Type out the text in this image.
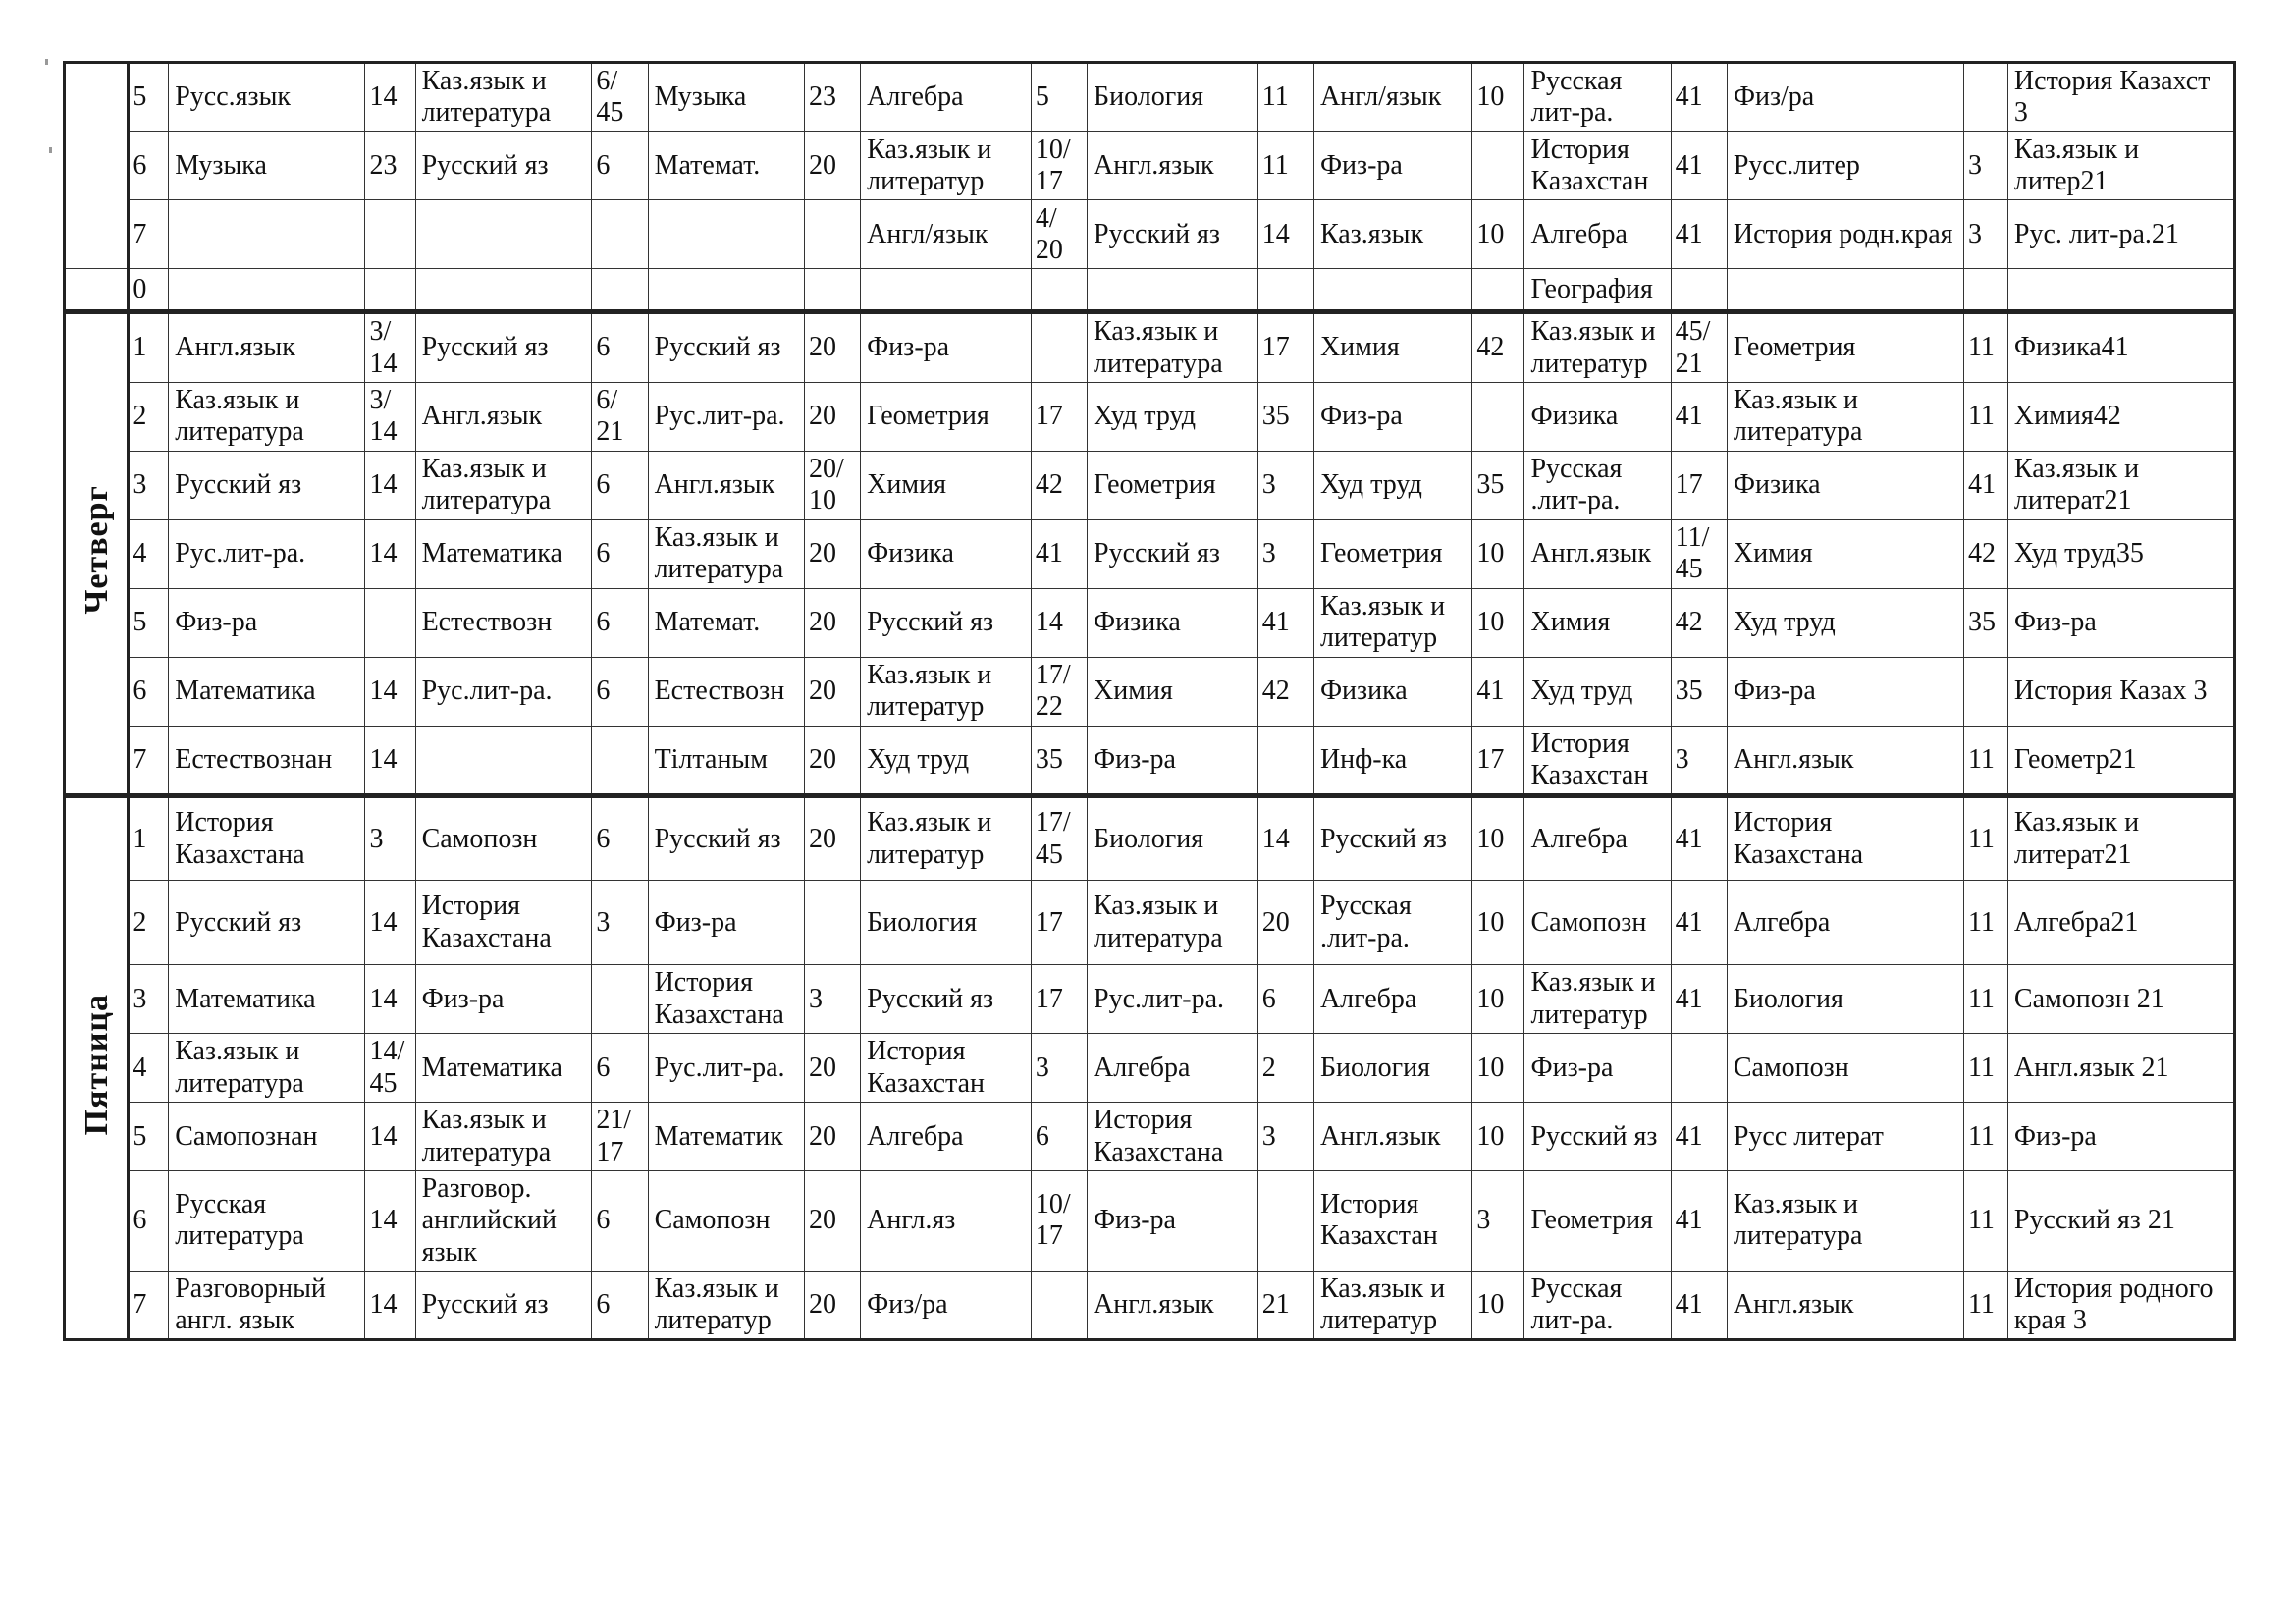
	5	Русс.язык	14	Каз.язык и литература	6/ 45	Музыка	23	Алгебра	5	Биология	11	Англ/язык	10	Русская лит-ра.	41	Физ/ра		История Казахст 3
	6	Музыка	23	Русский яз	6	Математ.	20	Каз.язык и литератур	10/ 17	Англ.язык	11	Физ-ра		История Казахстан	41	Русс.литер	3	Каз.язык и литер21
	7							Англ/язык	4/ 20	Русский яз	14	Каз.язык	10	Алгебра	41	История родн.края	3	Рус. лит-ра.21
	0													География				
Четверг	1	Англ.язык	3/ 14	Русский яз	6	Русский яз	20	Физ-ра		Каз.язык и литература	17	Химия	42	Каз.язык и литератур	45/ 21	Геометрия	11	Физика41
	2	Каз.язык и литература	3/ 14	Англ.язык	6/ 21	Рус.лит-ра.	20	Геометрия	17	Худ труд	35	Физ-ра		Физика	41	Каз.язык и литература	11	Химия42
	3	Русский яз	14	Каз.язык и литература	6	Англ.язык	20/ 10	Химия	42	Геометрия	3	Худ труд	35	Русская .лит-ра.	17	Физика	41	Каз.язык и литерат21
	4	Рус.лит-ра.	14	Математика	6	Каз.язык и литература	20	Физика	41	Русский яз	3	Геометрия	10	Англ.язык	11/ 45	Химия	42	Худ труд35
	5	Физ-ра		Естествозн	6	Математ.	20	Русский яз	14	Физика	41	Каз.язык и литератур	10	Химия	42	Худ труд	35	Физ-ра
	6	Математика	14	Рус.лит-ра.	6	Естествозн	20	Каз.язык и литератур	17/ 22	Химия	42	Физика	41	Худ труд	35	Физ-ра		История Казах 3
	7	Естествознан	14			Тiлтаным	20	Худ труд	35	Физ-ра		Инф-ка	17	История Казахстан	3	Англ.язык	11	Геометр21
Пятница	1	История Казахстана	3	Самопозн	6	Русский яз	20	Каз.язык и литератур	17/ 45	Биология	14	Русский яз	10	Алгебра	41	История Казахстана	11	Каз.язык и литерат21
	2	Русский яз	14	История Казахстана	3	Физ-ра		Биология	17	Каз.язык и литература	20	Русская .лит-ра.	10	Самопозн	41	Алгебра	11	Алгебра21
	3	Математика	14	Физ-ра		История Казахстана	3	Русский яз	17	Рус.лит-ра.	6	Алгебра	10	Каз.язык и литератур	41	Биология	11	Самопозн 21
	4	Каз.язык и литература	14/ 45	Математика	6	Рус.лит-ра.	20	История Казахстан	3	Алгебра	2	Биология	10	Физ-ра		Самопозн	11	Англ.язык 21
	5	Самопознан	14	Каз.язык и литература	21/ 17	Математик	20	Алгебра	6	История Казахстана	3	Англ.язык	10	Русский яз	41	Русс литерат	11	Физ-ра
	6	Русская литература	14	Разговор. английский язык	6	Самопозн	20	Англ.яз	10/ 17	Физ-ра		История Казахстан	3	Геометрия	41	Каз.язык и литература	11	Русский яз 21
	7	Разговорный англ. язык	14	Русский яз	6	Каз.язык и литератур	20	Физ/ра		Англ.язык	21	Каз.язык и литератур	10	Русская лит-ра.	41	Англ.язык	11	История родного края 3
